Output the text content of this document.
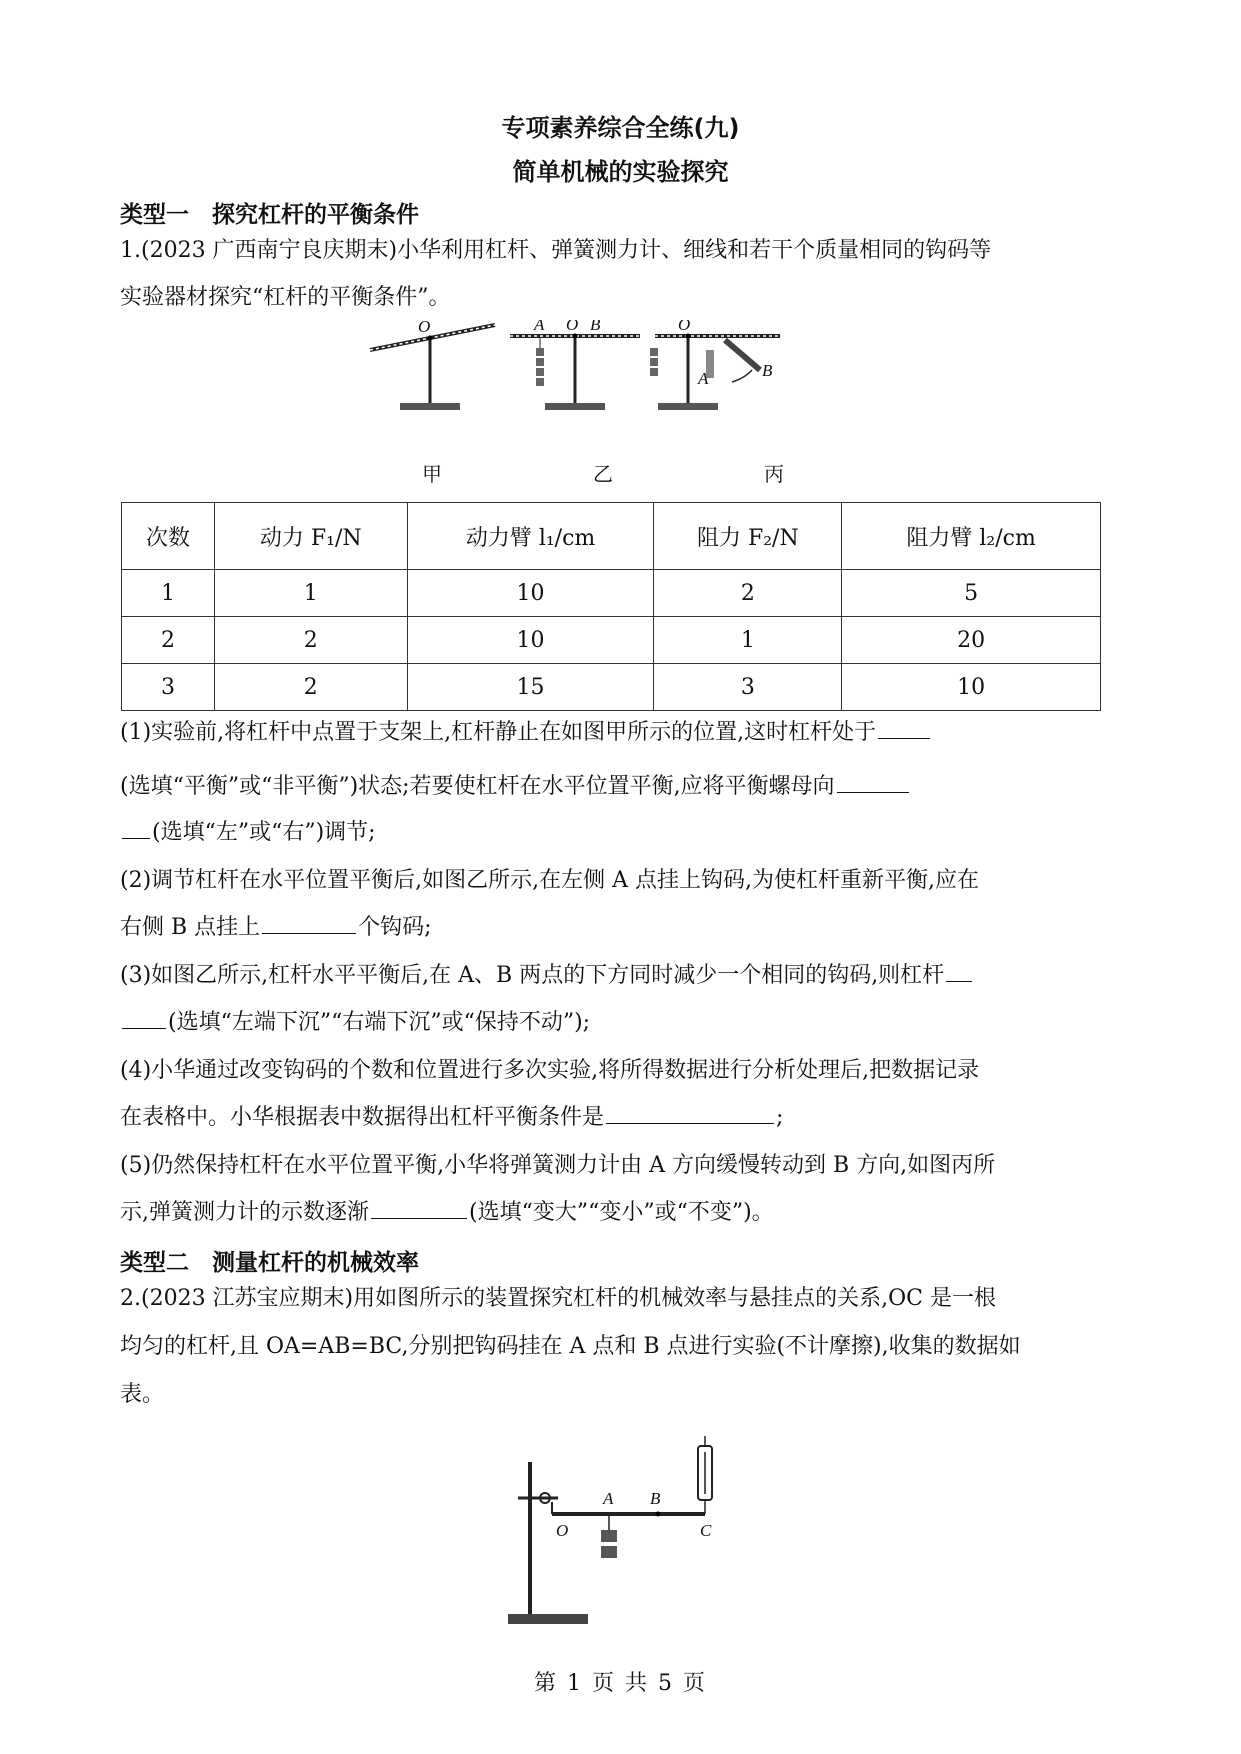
专项素养综合全练(九)
简单机械的实验探究
类型一　探究杠杆的平衡条件
1.(2023 广西南宁良庆期末)小华利用杠杆、弹簧测力计、细线和若干个质量相同的钩码等
实验器材探究“杠杆的平衡条件”。
O	A O B	O
A	B
甲	乙	丙
次数	动力 F₁/N	动力臂 l₁/cm	阻力 F₂/N	阻力臂 l₂/cm
1	1	10	2	5
2	2	10	1	20
3	2	15	3	10
(1)实验前,将杠杆中点置于支架上,杠杆静止在如图甲所示的位置,这时杠杆处于
(选填“平衡”或“非平衡”)状态;若要使杠杆在水平位置平衡,应将平衡螺母向
(选填“左”或“右”)调节;
(2)调节杠杆在水平位置平衡后,如图乙所示,在左侧 A 点挂上钩码,为使杠杆重新平衡,应在
右侧 B 点挂上	个钩码;
(3)如图乙所示,杠杆水平平衡后,在 A、B 两点的下方同时减少一个相同的钩码,则杠杆
(选填“左端下沉”“右端下沉”或“保持不动”);
(4)小华通过改变钩码的个数和位置进行多次实验,将所得数据进行分析处理后,把数据记录
在表格中。小华根据表中数据得出杠杆平衡条件是	;
(5)仍然保持杠杆在水平位置平衡,小华将弹簧测力计由 A 方向缓慢转动到 B 方向,如图丙所
示,弹簧测力计的示数逐渐	(选填“变大”“变小”或“不变”)。
类型二　测量杠杆的机械效率
2.(2023 江苏宝应期末)用如图所示的装置探究杠杆的机械效率与悬挂点的关系,OC 是一根
均匀的杠杆,且 OA=AB=BC,分别把钩码挂在 A 点和 B 点进行实验(不计摩擦),收集的数据如
表。
O
A B
C
第 1 页 共 5 页
